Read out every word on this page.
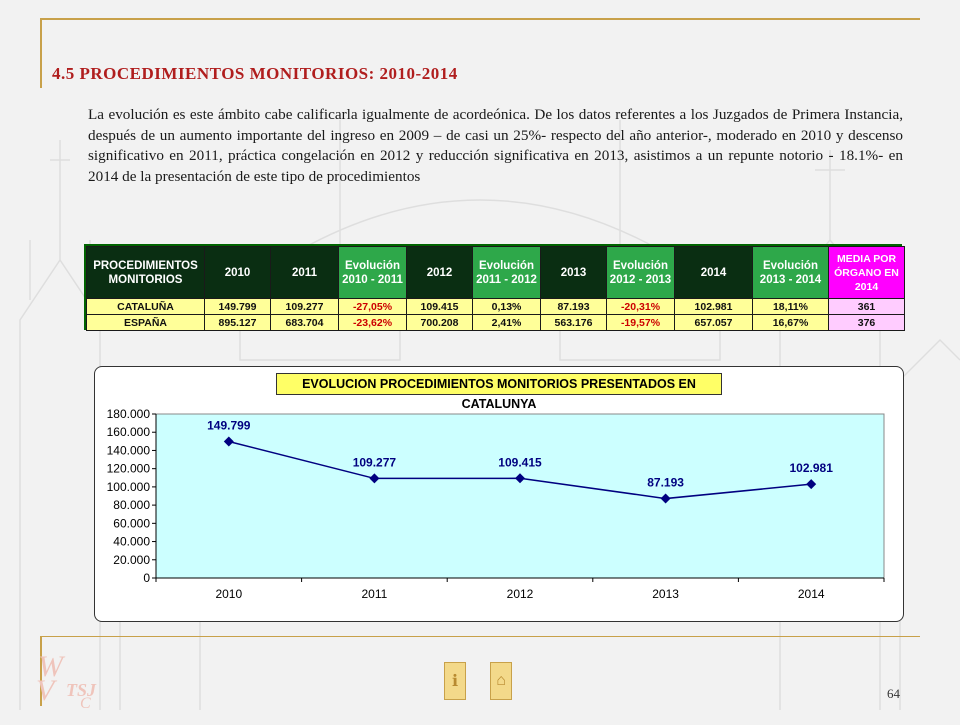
4.5 PROCEDIMIENTOS MONITORIOS: 2010-2014
La evolución es este ámbito cabe calificarla igualmente de acordeónica. De los datos referentes a los Juzgados de Primera Instancia, después de un aumento importante del ingreso en 2009 – de casi un 25%- respecto del año anterior-, moderado en 2010 y descenso significativo en 2011, práctica congelación en 2012 y reducción significativa en 2013, asistimos a un repunte notorio - 18.1%- en 2014 de la presentación de este tipo de procedimientos
PROCEDIMIENTOS MONITORIOS	2010	2011	Evolución 2010 - 2011	2012	Evolución 2011 - 2012	2013	Evolución 2012 - 2013	2014	Evolución 2013 - 2014	MEDIA POR ÓRGANO EN 2014
CATALUÑA	149.799	109.277	-27,05%	109.415	0,13%	87.193	-20,31%	102.981	18,11%	361
ESPAÑA	895.127	683.704	-23,62%	700.208	2,41%	563.176	-19,57%	657.057	16,67%	376
0
20.000
40.000
60.000
80.000
100.000
120.000
140.000
160.000
180.000
2010	2011	2012	2013	2014
149.799
109.277	109.415
87.193
102.981
EVOLUCION PROCEDIMIENTOS MONITORIOS PRESENTADOS EN CATALUNYA
ℹ ⌂
W
V TSJ
C
64
